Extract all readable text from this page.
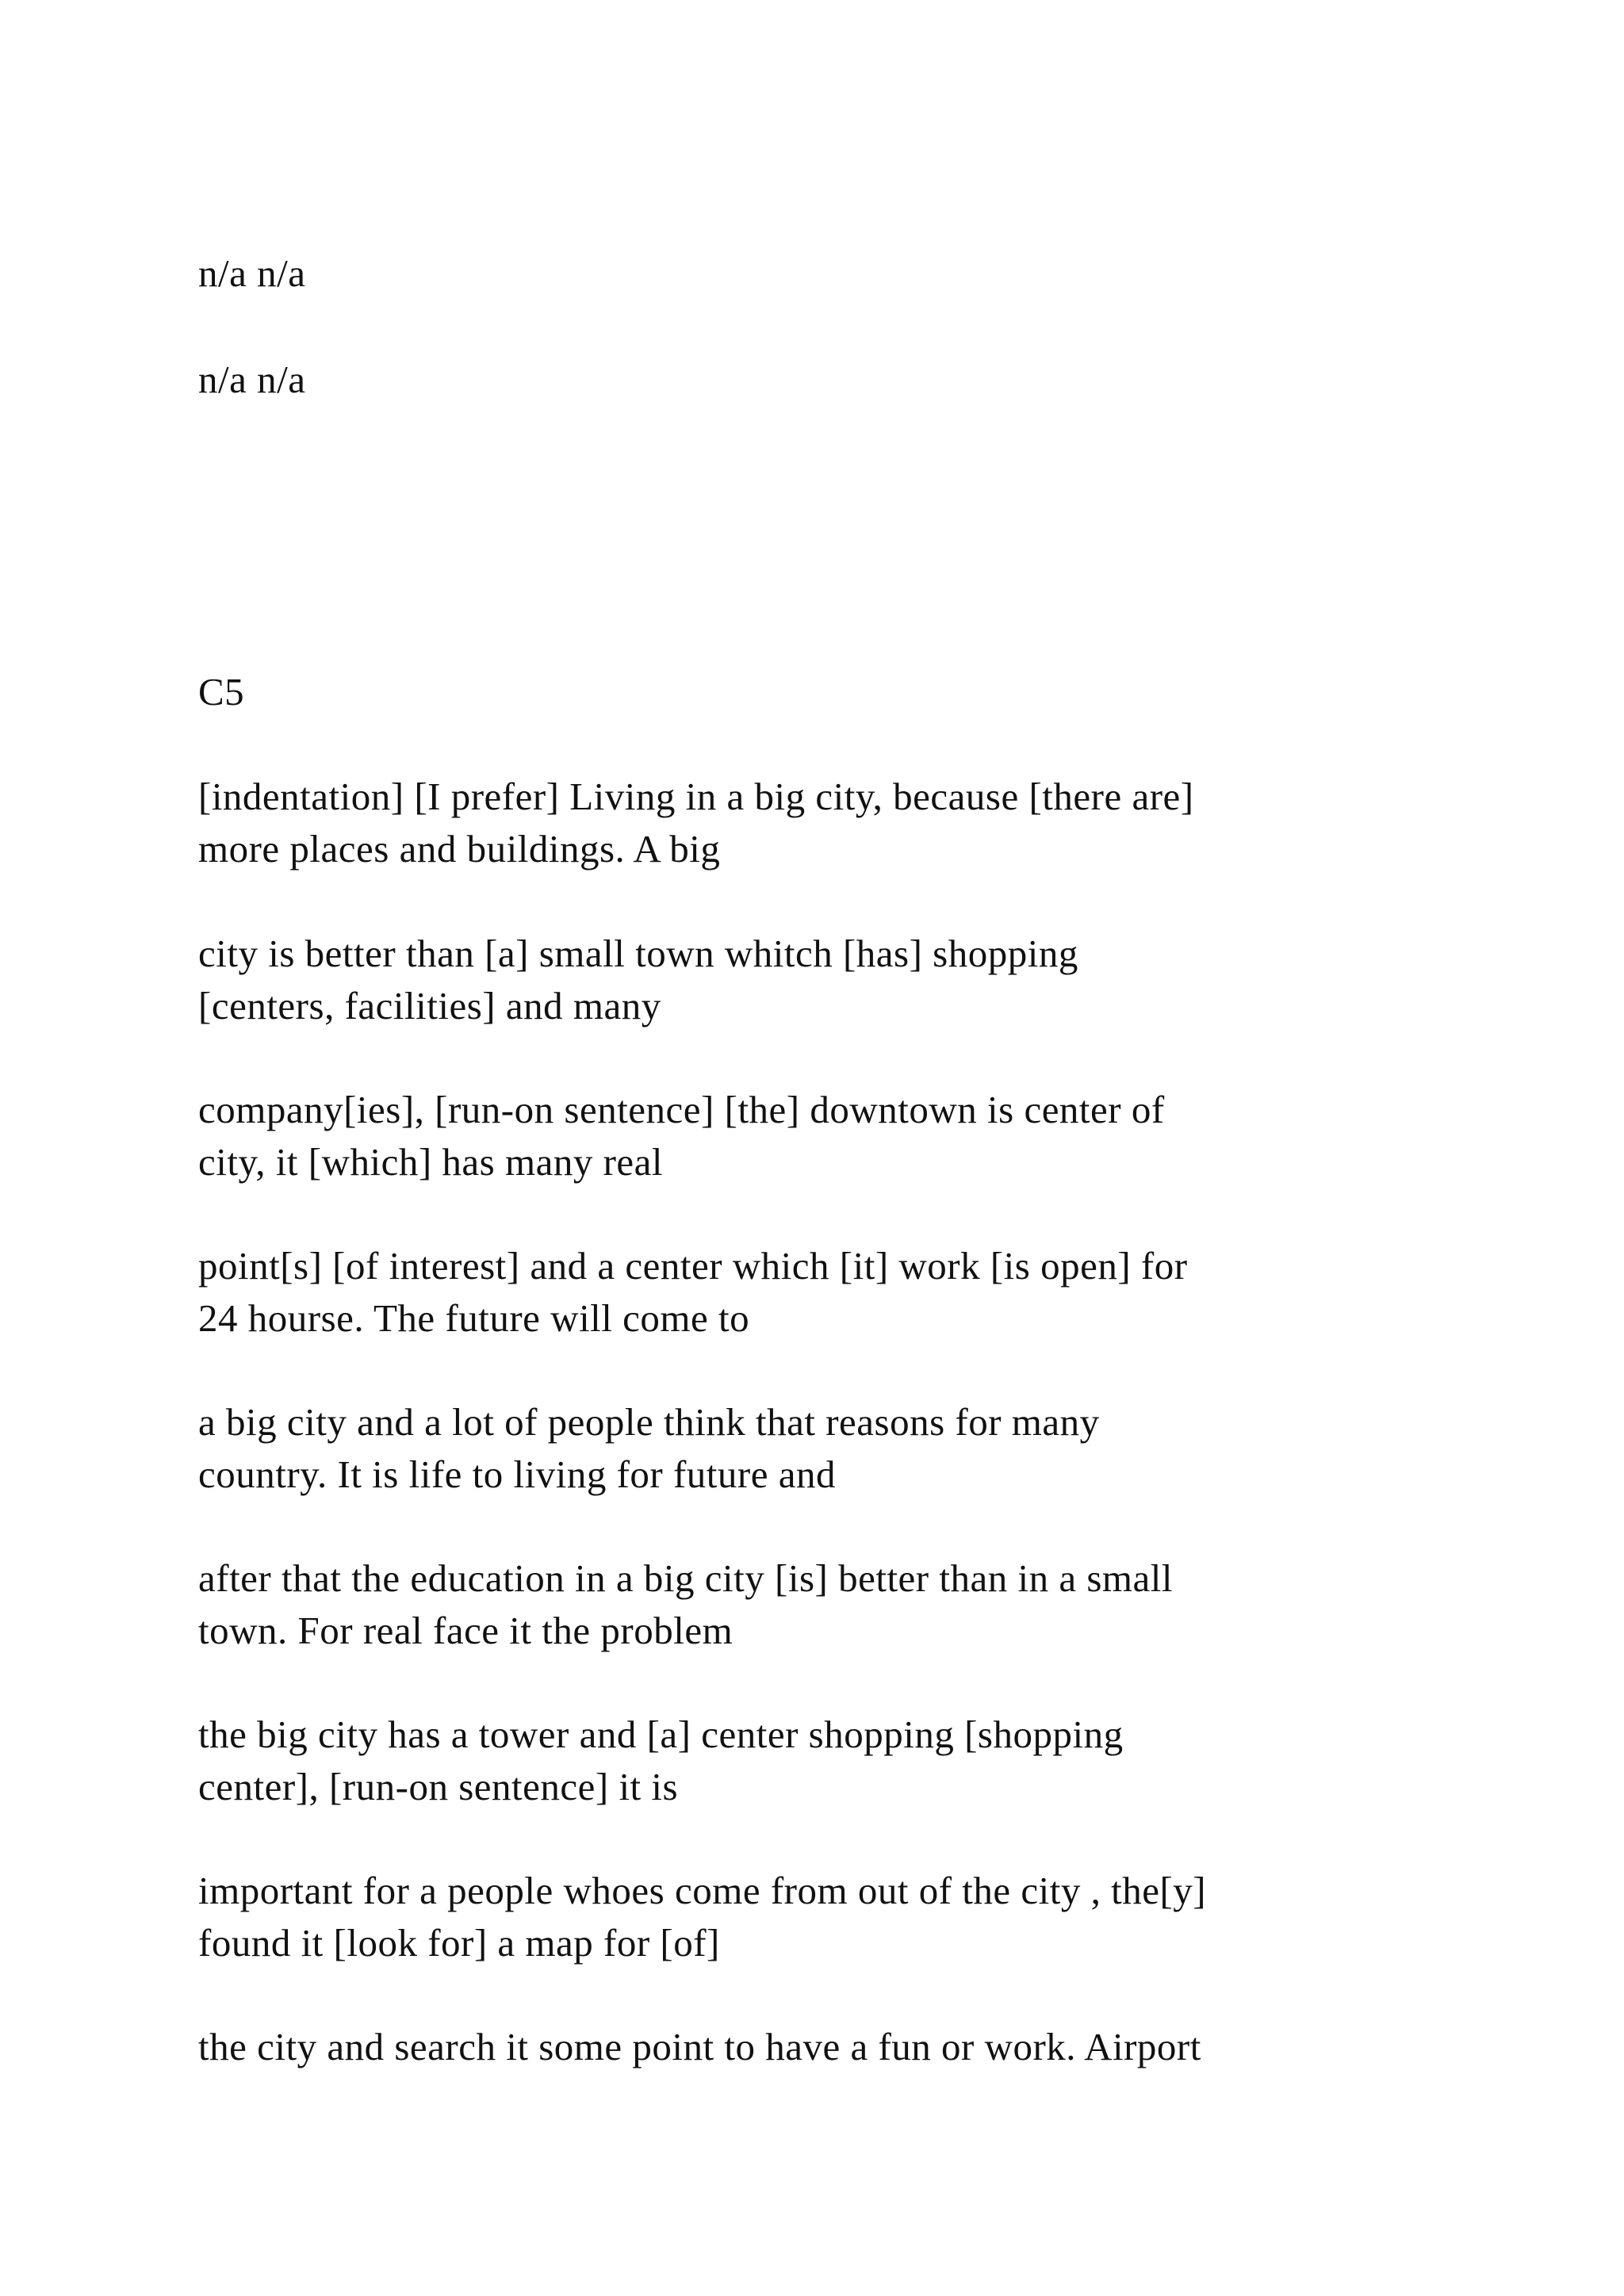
n/a n/a
n/a n/a
C5
[indentation] [I prefer] Living in a big city, because [there are]
more places and buildings. A big
city is better than [a] small town whitch [has] shopping
[centers, facilities] and many
company[ies], [run-on sentence] [the] downtown is center of
city, it [which] has many real
point[s] [of interest] and a center which [it] work [is open] for
24 hourse. The future will come to
a big city and a lot of people think that reasons for many
country. It is life to living for future and
after that the education in a big city [is] better than in a small
town. For real face it the problem
the big city has a tower and [a] center shopping [shopping
center], [run-on sentence] it is
important for a people whoes come from out of the city , the[y]
found it [look for] a map for [of]
the city and search it some point to have a fun or work. Airport
